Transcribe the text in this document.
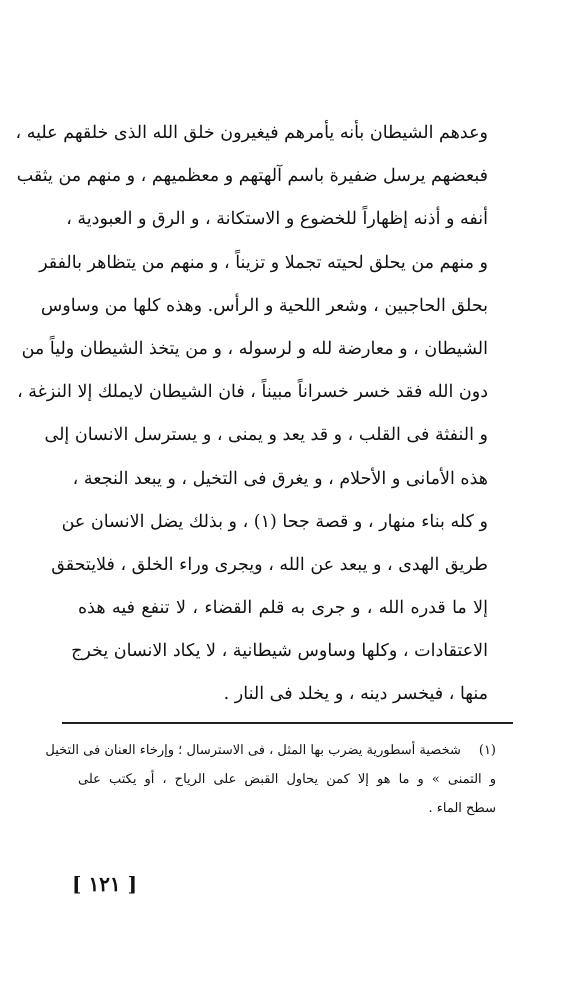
وعدهم الشيطان بأنه يأمرهم فيغيرون خلق الله الذى خلقهم عليه ،
فبعضهم يرسل ضفيرة باسم آلهتهم و معظميهم ، و منهم من يثقب
أنفه و أذنه إظهاراً للخضوع و الاستكانة ، و الرق و العبودية ،
و منهم من يحلق لحيته تجملا و تزيناً ، و منهم من يتظاهر بالفقر
بحلق الحاجبين ، وشعر اللحية و الرأس. وهذه كلها من وساوس
الشيطان ، و معارضة لله و لرسوله ، و من يتخذ الشيطان ولياً من
دون الله فقد خسر خسراناً مبيناً ، فان الشيطان لايملك إلا النزغة ،
و النفثة فى القلب ، و قد يعد و يمنى ، و يسترسل الانسان إلى
هذه الأمانى و الأحلام ، و يغرق فى التخيل ، و يبعد النجعة ،
و كله بناء منهار ، و قصة جحا (١) ، و بذلك يضل الانسان عن
طريق الهدى ، و يبعد عن الله ، ويجرى وراء الخلق ، فلايتحقق
إلا ما قدره الله ، و جرى به قلم القضاء ، لا تنفع فيه هذه
الاعتقادات ، وكلها وساوس شيطانية ، لا يكاد الانسان يخرج
منها ، فيخسر دينه ، و يخلد فى النار .
(١)شخصية أسطورية يضرب بها المثل ، فى الاسترسال ؛ وإرخاء العنان فى التخيل
و التمنى » و ما هو إلا كمن يحاول القبض على الرياح ، أو يكتب على
سطح الماء .
[ ١٢١ ]
